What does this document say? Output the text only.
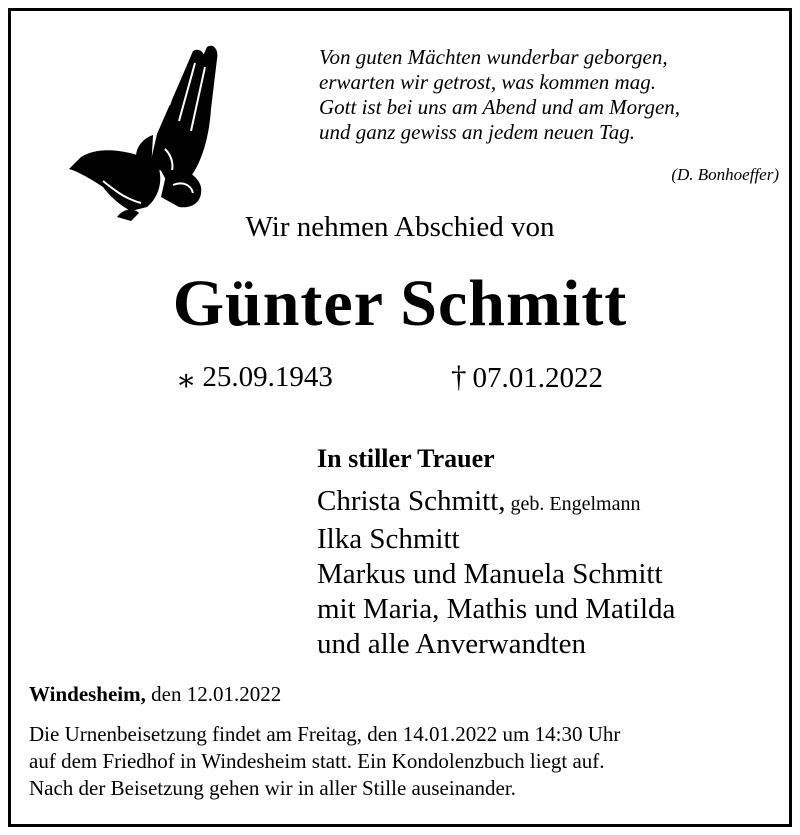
Von guten Mächten wunderbar geborgen,
erwarten wir getrost, was kommen mag.
Gott ist bei uns am Abend und am Morgen,
und ganz gewiss an jedem neuen Tag.
(D. Bonhoeffer)
Wir nehmen Abschied von
Günter Schmitt
∗ 25.09.1943	† 07.01.2022
In stiller Trauer
Christa Schmitt, geb. Engelmann
Ilka Schmitt
Markus und Manuela Schmitt
mit Maria, Mathis und Matilda
und alle Anverwandten
Windesheim, den 12.01.2022
Die Urnenbeisetzung findet am Freitag, den 14.01.2022 um 14:30 Uhr
auf dem Friedhof in Windesheim statt. Ein Kondolenzbuch liegt auf.
Nach der Beisetzung gehen wir in aller Stille auseinander.
